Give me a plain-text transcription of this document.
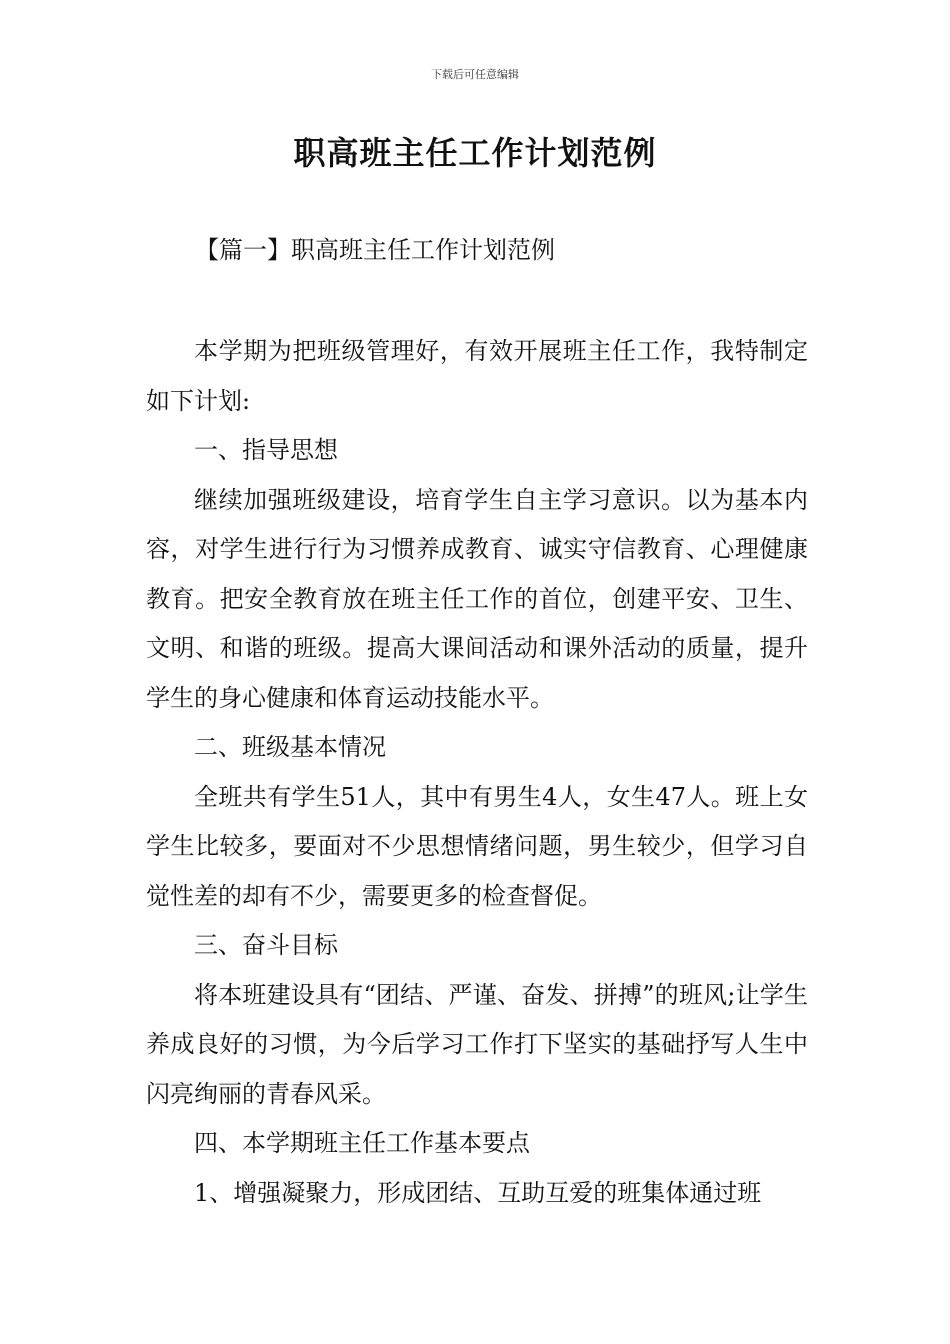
下载后可任意编辑
职高班主任工作计划范例
【篇一】职高班主任工作计划范例

本学期为把班级管理好，有效开展班主任工作，我特制定如下计划:

一、指导思想

继续加强班级建设，培育学生自主学习意识。以为基本内容，对学生进行行为习惯养成教育、诚实守信教育、心理健康教育。把安全教育放在班主任工作的首位，创建平安、卫生、文明、和谐的班级。提高大课间活动和课外活动的质量，提升学生的身心健康和体育运动技能水平。

二、班级基本情况

全班共有学生51人，其中有男生4人，女生47人。班上女学生比较多，要面对不少思想情绪问题，男生较少，但学习自觉性差的却有不少，需要更多的检查督促。

三、奋斗目标

将本班建设具有“团结、严谨、奋发、拼搏”的班风;让学生养成良好的习惯，为今后学习工作打下坚实的基础抒写人生中闪亮绚丽的青春风采。

四、本学期班主任工作基本要点

1、增强凝聚力，形成团结、互助互爱的班集体通过班
